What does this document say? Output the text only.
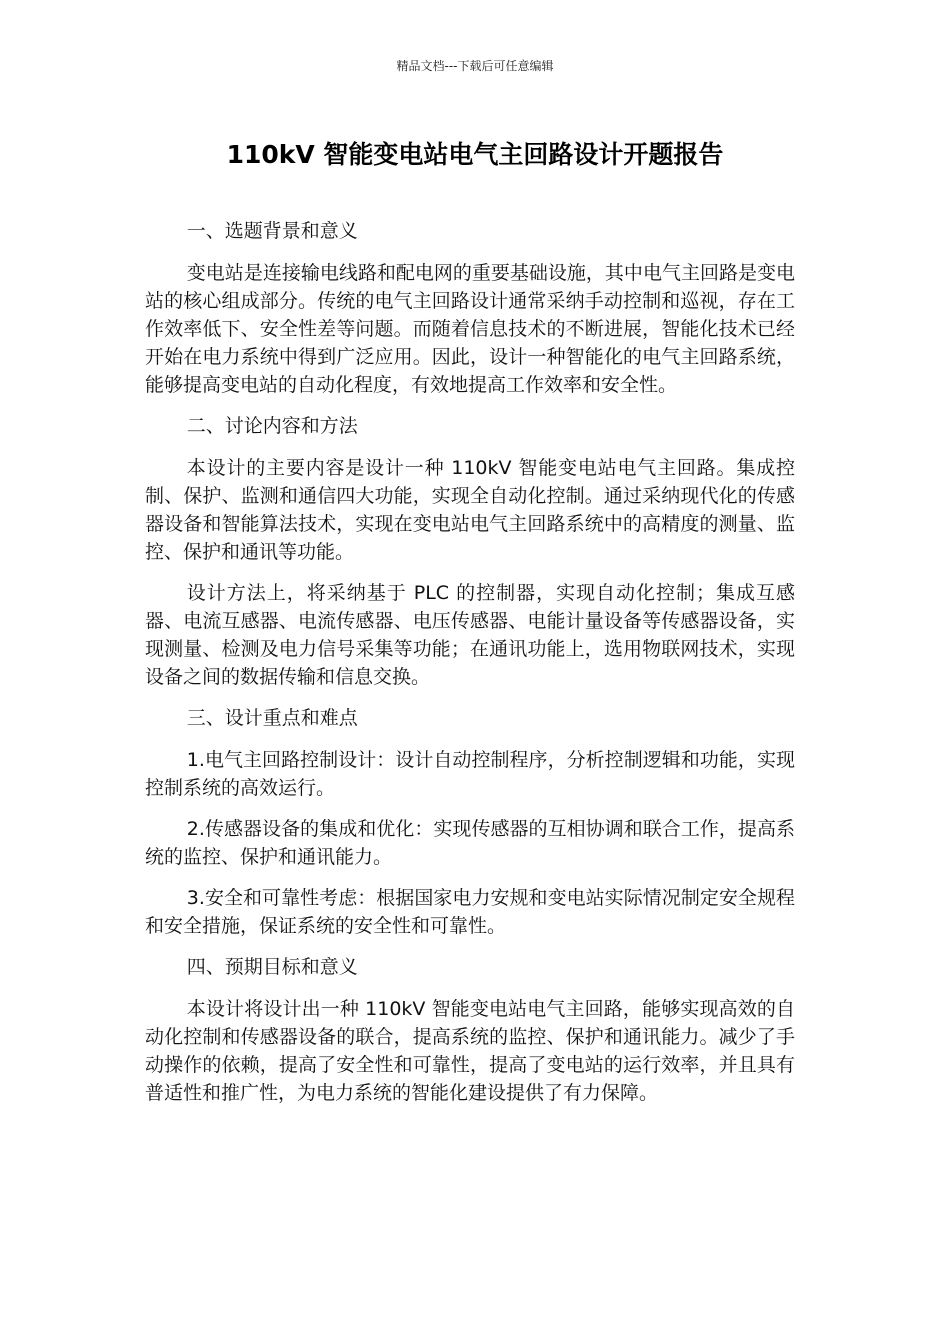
精品文档---下载后可任意编辑
110kV 智能变电站电气主回路设计开题报告

一、选题背景和意义

变电站是连接输电线路和配电网的重要基础设施，其中电气主回路是变电站的核心组成部分。传统的电气主回路设计通常采纳手动控制和巡视，存在工作效率低下、安全性差等问题。而随着信息技术的不断进展，智能化技术已经开始在电力系统中得到广泛应用。因此，设计一种智能化的电气主回路系统，能够提高变电站的自动化程度，有效地提高工作效率和安全性。

二、讨论内容和方法

本设计的主要内容是设计一种 110kV 智能变电站电气主回路。集成控制、保护、监测和通信四大功能，实现全自动化控制。通过采纳现代化的传感器设备和智能算法技术，实现在变电站电气主回路系统中的高精度的测量、监控、保护和通讯等功能。

设计方法上，将采纳基于 PLC 的控制器，实现自动化控制；集成互感器、电流互感器、电流传感器、电压传感器、电能计量设备等传感器设备，实现测量、检测及电力信号采集等功能；在通讯功能上，选用物联网技术，实现设备之间的数据传输和信息交换。

三、设计重点和难点

1.电气主回路控制设计：设计自动控制程序，分析控制逻辑和功能，实现控制系统的高效运行。

2.传感器设备的集成和优化：实现传感器的互相协调和联合工作，提高系统的监控、保护和通讯能力。

3.安全和可靠性考虑：根据国家电力安规和变电站实际情况制定安全规程和安全措施，保证系统的安全性和可靠性。

四、预期目标和意义

本设计将设计出一种 110kV 智能变电站电气主回路，能够实现高效的自动化控制和传感器设备的联合，提高系统的监控、保护和通讯能力。减少了手动操作的依赖，提高了安全性和可靠性，提高了变电站的运行效率，并且具有普适性和推广性，为电力系统的智能化建设提供了有力保障。
